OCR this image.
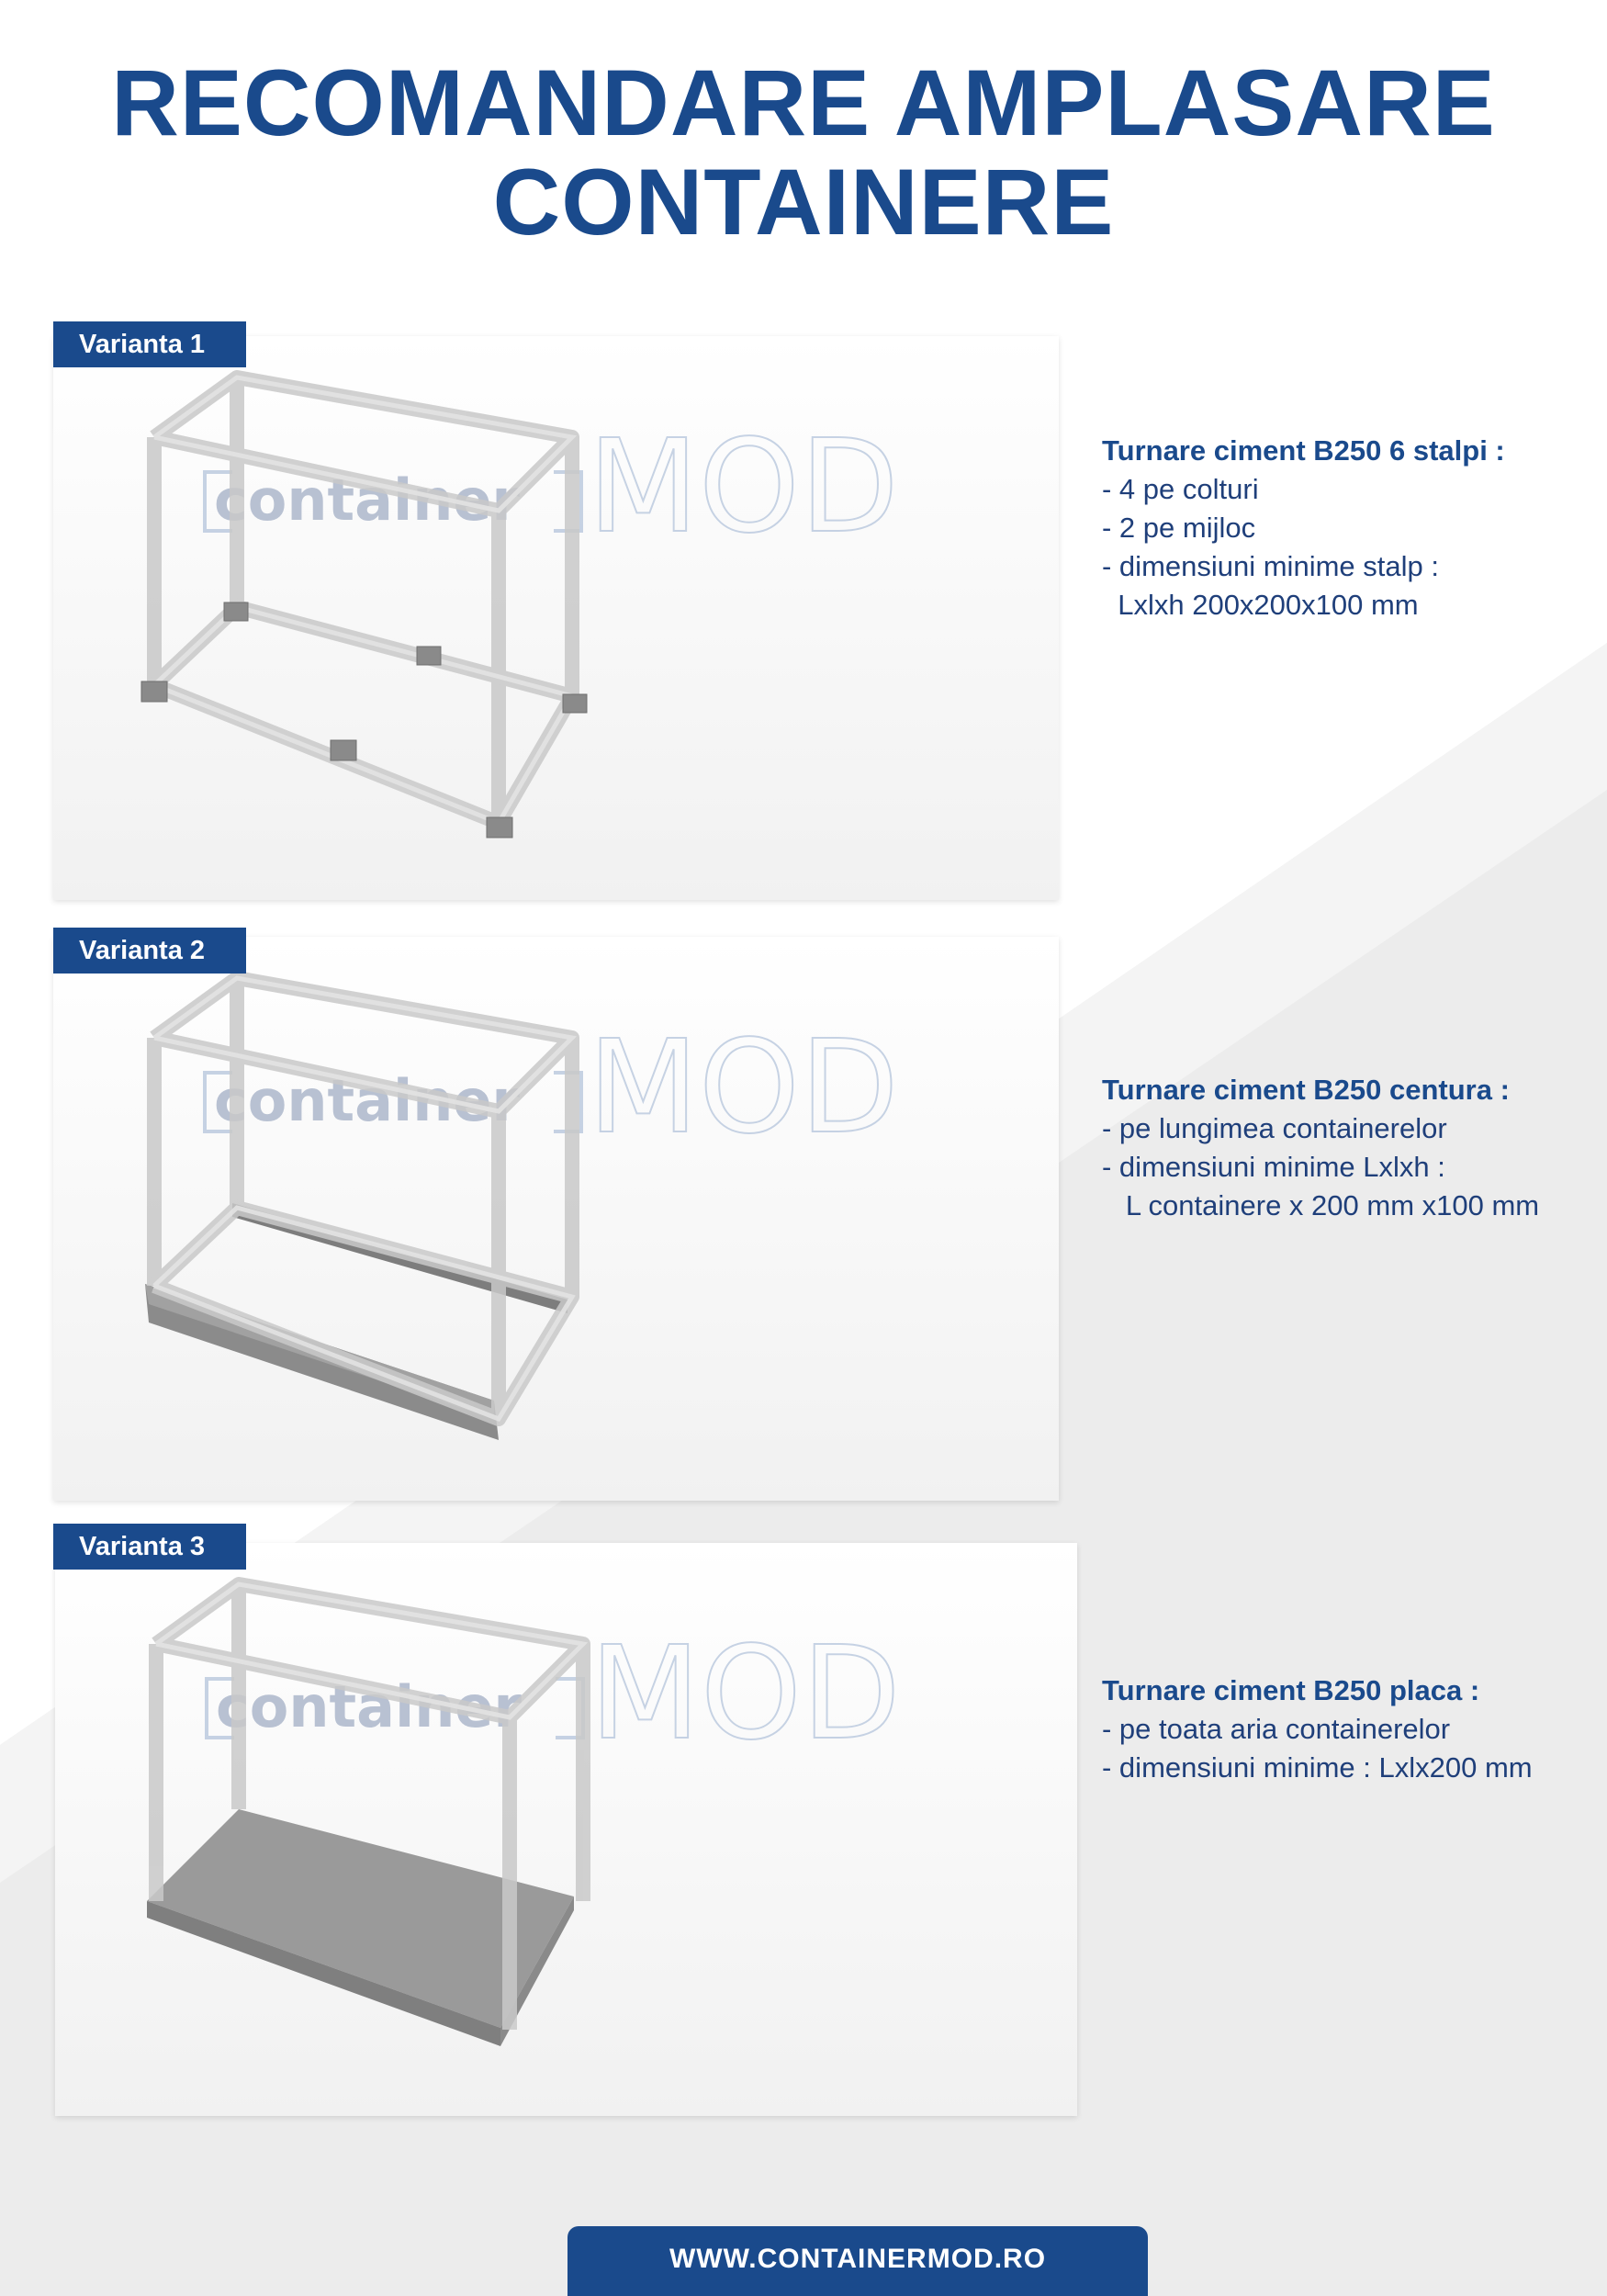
RECOMANDARE AMPLASARE
CONTAINERE
container MOD
Varianta 1
Turnare ciment B250 6 stalpi :
- 4 pe colturi
- 2 pe mijloc
- dimensiuni minime stalp :
Lxlxh 200x200x100 mm
container MOD
Varianta 2
Turnare ciment B250 centura :
- pe lungimea containerelor
- dimensiuni minime Lxlxh :
L containere x 200 mm x100 mm
container MOD
Varianta 3
Turnare ciment B250 placa :
- pe toata aria containerelor
- dimensiuni minime : Lxlx200 mm
WWW.CONTAINERMOD.RO
